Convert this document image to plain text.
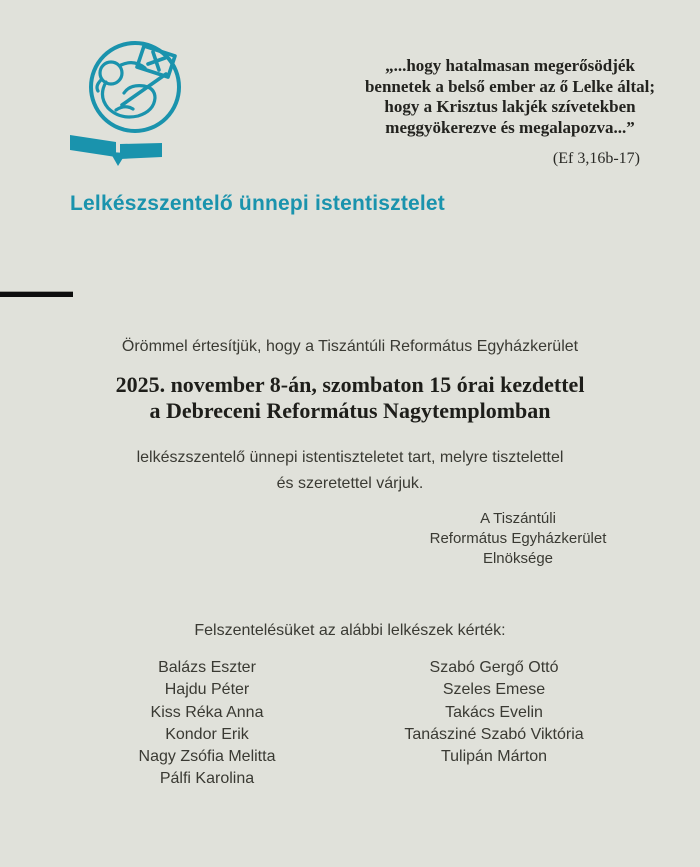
„...hogy hatalmasan megerősödjék
bennetek a belső ember az ő Lelke által;
hogy a Krisztus lakjék szívetekben
meggyökerezve és megalapozva...”
(Ef 3,16b-17)
Lelkészszentelő ünnepi istentisztelet
Örömmel értesítjük, hogy a Tiszántúli Református Egyházkerület
2025. november 8-án, szombaton 15 órai kezdettel
a Debreceni Református Nagytemplomban
lelkészszentelő ünnepi istentiszteletet tart, melyre tisztelettel
és szeretettel várjuk.
A Tiszántúli
Református Egyházkerület
Elnöksége
Felszentelésüket az alábbi lelkészek kérték:
Balázs Eszter
Hajdu Péter
Kiss Réka Anna
Kondor Erik
Nagy Zsófia Melitta
Pálfi Karolina
Szabó Gergő Ottó
Szeles Emese
Takács Evelin
Tanásziné Szabó Viktória
Tulipán Márton
